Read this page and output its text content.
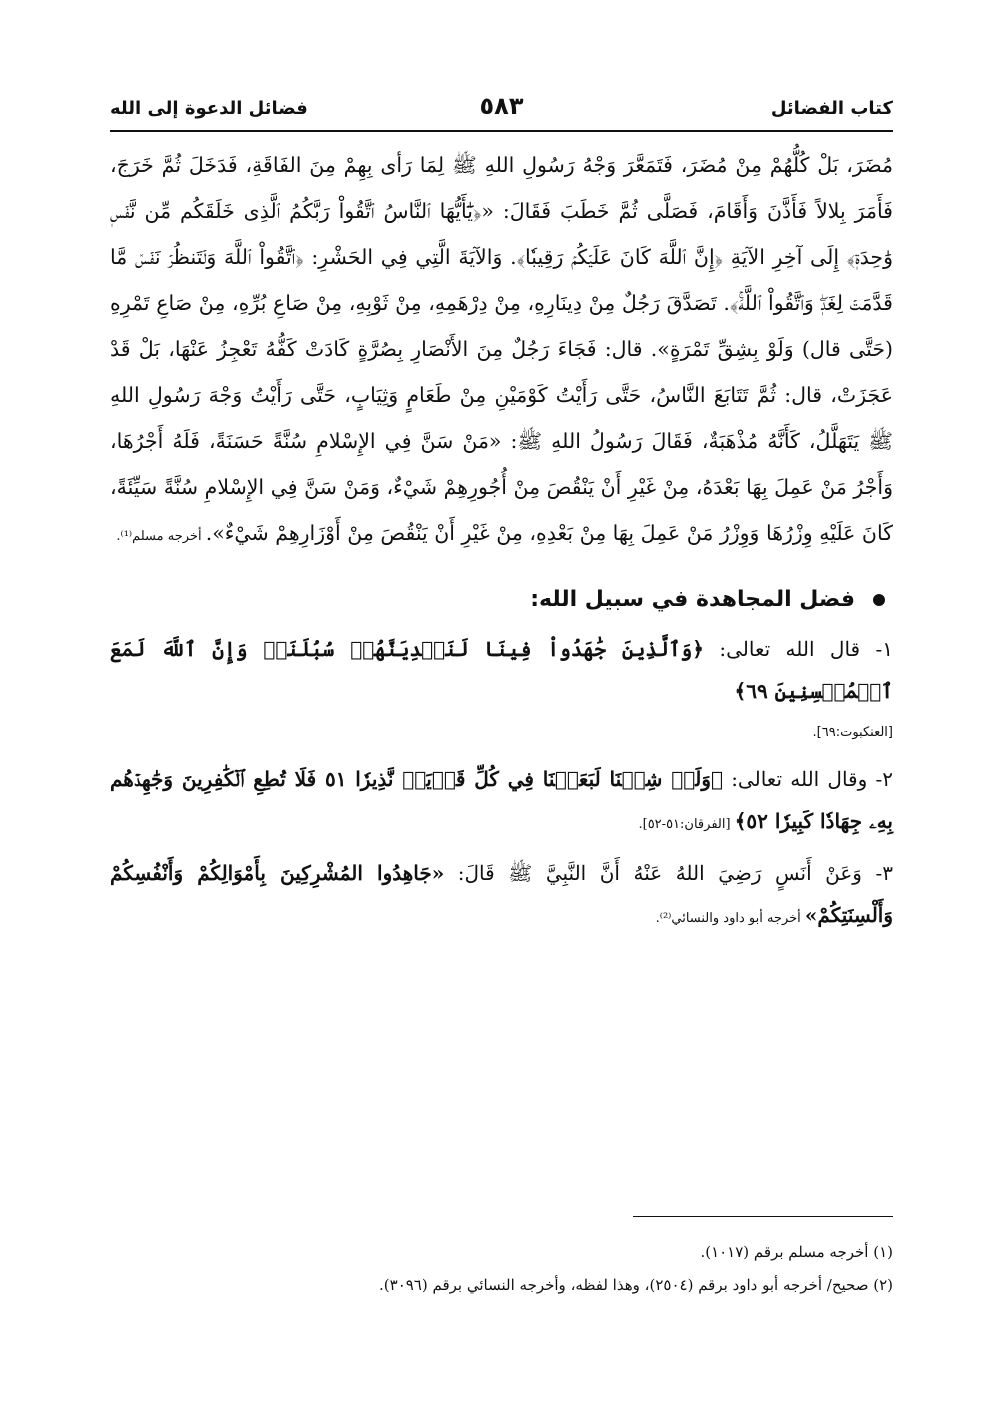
كتاب الفضائل
٥٨٣
فضائل الدعوة إلى الله

مُضَرَ، بَلْ كُلُّهُمْ مِنْ مُضَرَ، فَتَمَعَّرَ وَجْهُ رَسُولِ اللهِ ﷺ لِمَا رَأى بِهِمْ مِنَ الفَاقَةِ، فَدَخَلَ ثُمَّ خَرَجَ، فَأَمَرَ بِلالاً فَأَذَّنَ وَأَقَامَ، فَصَلَّى ثُمَّ خَطَبَ فَقَالَ: «﴿يَٰٓأَيُّهَا ٱلنَّاسُ ٱتَّقُواْ رَبَّكُمُ ٱلَّذِى خَلَقَكُم مِّن نَّفۡسٖ وَٰحِدَةٖ﴾ إِلَى آخِرِ الآيَةِ ﴿إِنَّ ٱللَّهَ كَانَ عَلَيۡكُمۡ رَقِيبٗا﴾. وَالآيَةَ الَّتِي فِي الحَشْرِ: ﴿ٱتَّقُواْ ٱللَّهَ وَلۡتَنظُرۡ نَفۡسٞ مَّا قَدَّمَتۡ لِغَدٖۖ وَٱتَّقُواْ ٱللَّهَۚ﴾. تَصَدَّقَ رَجُلٌ مِنْ دِينَارِهِ، مِنْ دِرْهَمِهِ، مِنْ ثَوْبِهِ، مِنْ صَاعِ بُرِّهِ، مِنْ صَاعِ تَمْرِهِ (حَتَّى قال) وَلَوْ بِشِقِّ تَمْرَةٍ». قال: فَجَاءَ رَجُلٌ مِنَ الأَنْصَارِ بِصُرَّةٍ كَادَتْ كَفُّهُ تَعْجِزُ عَنْهَا، بَلْ قَدْ عَجَزَتْ، قال: ثُمَّ تَتَابَعَ النَّاسُ، حَتَّى رَأَيْتُ كَوْمَيْنِ مِنْ طَعَامٍ وَثِيَابٍ، حَتَّى رَأَيْتُ وَجْهَ رَسُولِ اللهِ ﷺ يَتَهَلَّلُ، كَأَنَّهُ مُذْهَبَةٌ، فَقَالَ رَسُولُ اللهِ ﷺ: «مَنْ سَنَّ فِي الإِسْلامِ سُنَّةً حَسَنَةً، فَلَهُ أَجْرُهَا، وَأَجْرُ مَنْ عَمِلَ بِهَا بَعْدَهُ، مِنْ غَيْرِ أَنْ يَنْقُصَ مِنْ أُجُورِهِمْ شَيْءٌ، وَمَنْ سَنَّ فِي الإِسْلامِ سُنَّةً سَيِّئَةً، كَانَ عَلَيْهِ وِزْرُهَا وَوِزْرُ مَنْ عَمِلَ بِهَا مِنْ بَعْدِهِ، مِنْ غَيْرِ أَنْ يَنْقُصَ مِنْ أَوْزَارِهِمْ شَيْءٌ». أخرجه مسلم⁽¹⁾.

فضل المجاهدة في سبيل الله:

١- قال الله تعالى: ﴿وَٱلَّذِينَ جَٰهَدُواْ فِينَا لَنَهۡدِيَنَّهُمۡ سُبُلَنَاۚ وَإِنَّ ٱللَّهَ لَمَعَ ٱلۡمُحۡسِنِينَ ٦٩﴾

[العنكبوت:٦٩].

٢- وقال الله تعالى: ﴿وَلَوۡ شِئۡنَا لَبَعَثۡنَا فِي كُلِّ قَرۡيَةٖ نَّذِيرٗا ٥١ فَلَا تُطِعِ ٱلۡكَٰفِرِينَ وَجَٰهِدۡهُم بِهِۦ جِهَادٗا كَبِيرٗا ٥٢﴾ [الفرقان:٥١-٥٢].

٣- وَعَنْ أَنَسٍ رَضِيَ اللهُ عَنْهُ أَنَّ النَّبِيَّ ﷺ قَالَ: «جَاهِدُوا المُشْرِكِينَ بِأَمْوَالِكُمْ وَأَنْفُسِكُمْ وَأَلْسِنَتِكُمْ» أخرجه أبو داود والنسائي⁽²⁾.

(١) أخرجه مسلم برقم (١٠١٧).

(٢) صحيح/ أخرجه أبو داود برقم (٢٥٠٤)، وهذا لفظه، وأخرجه النسائي برقم (٣٠٩٦).
